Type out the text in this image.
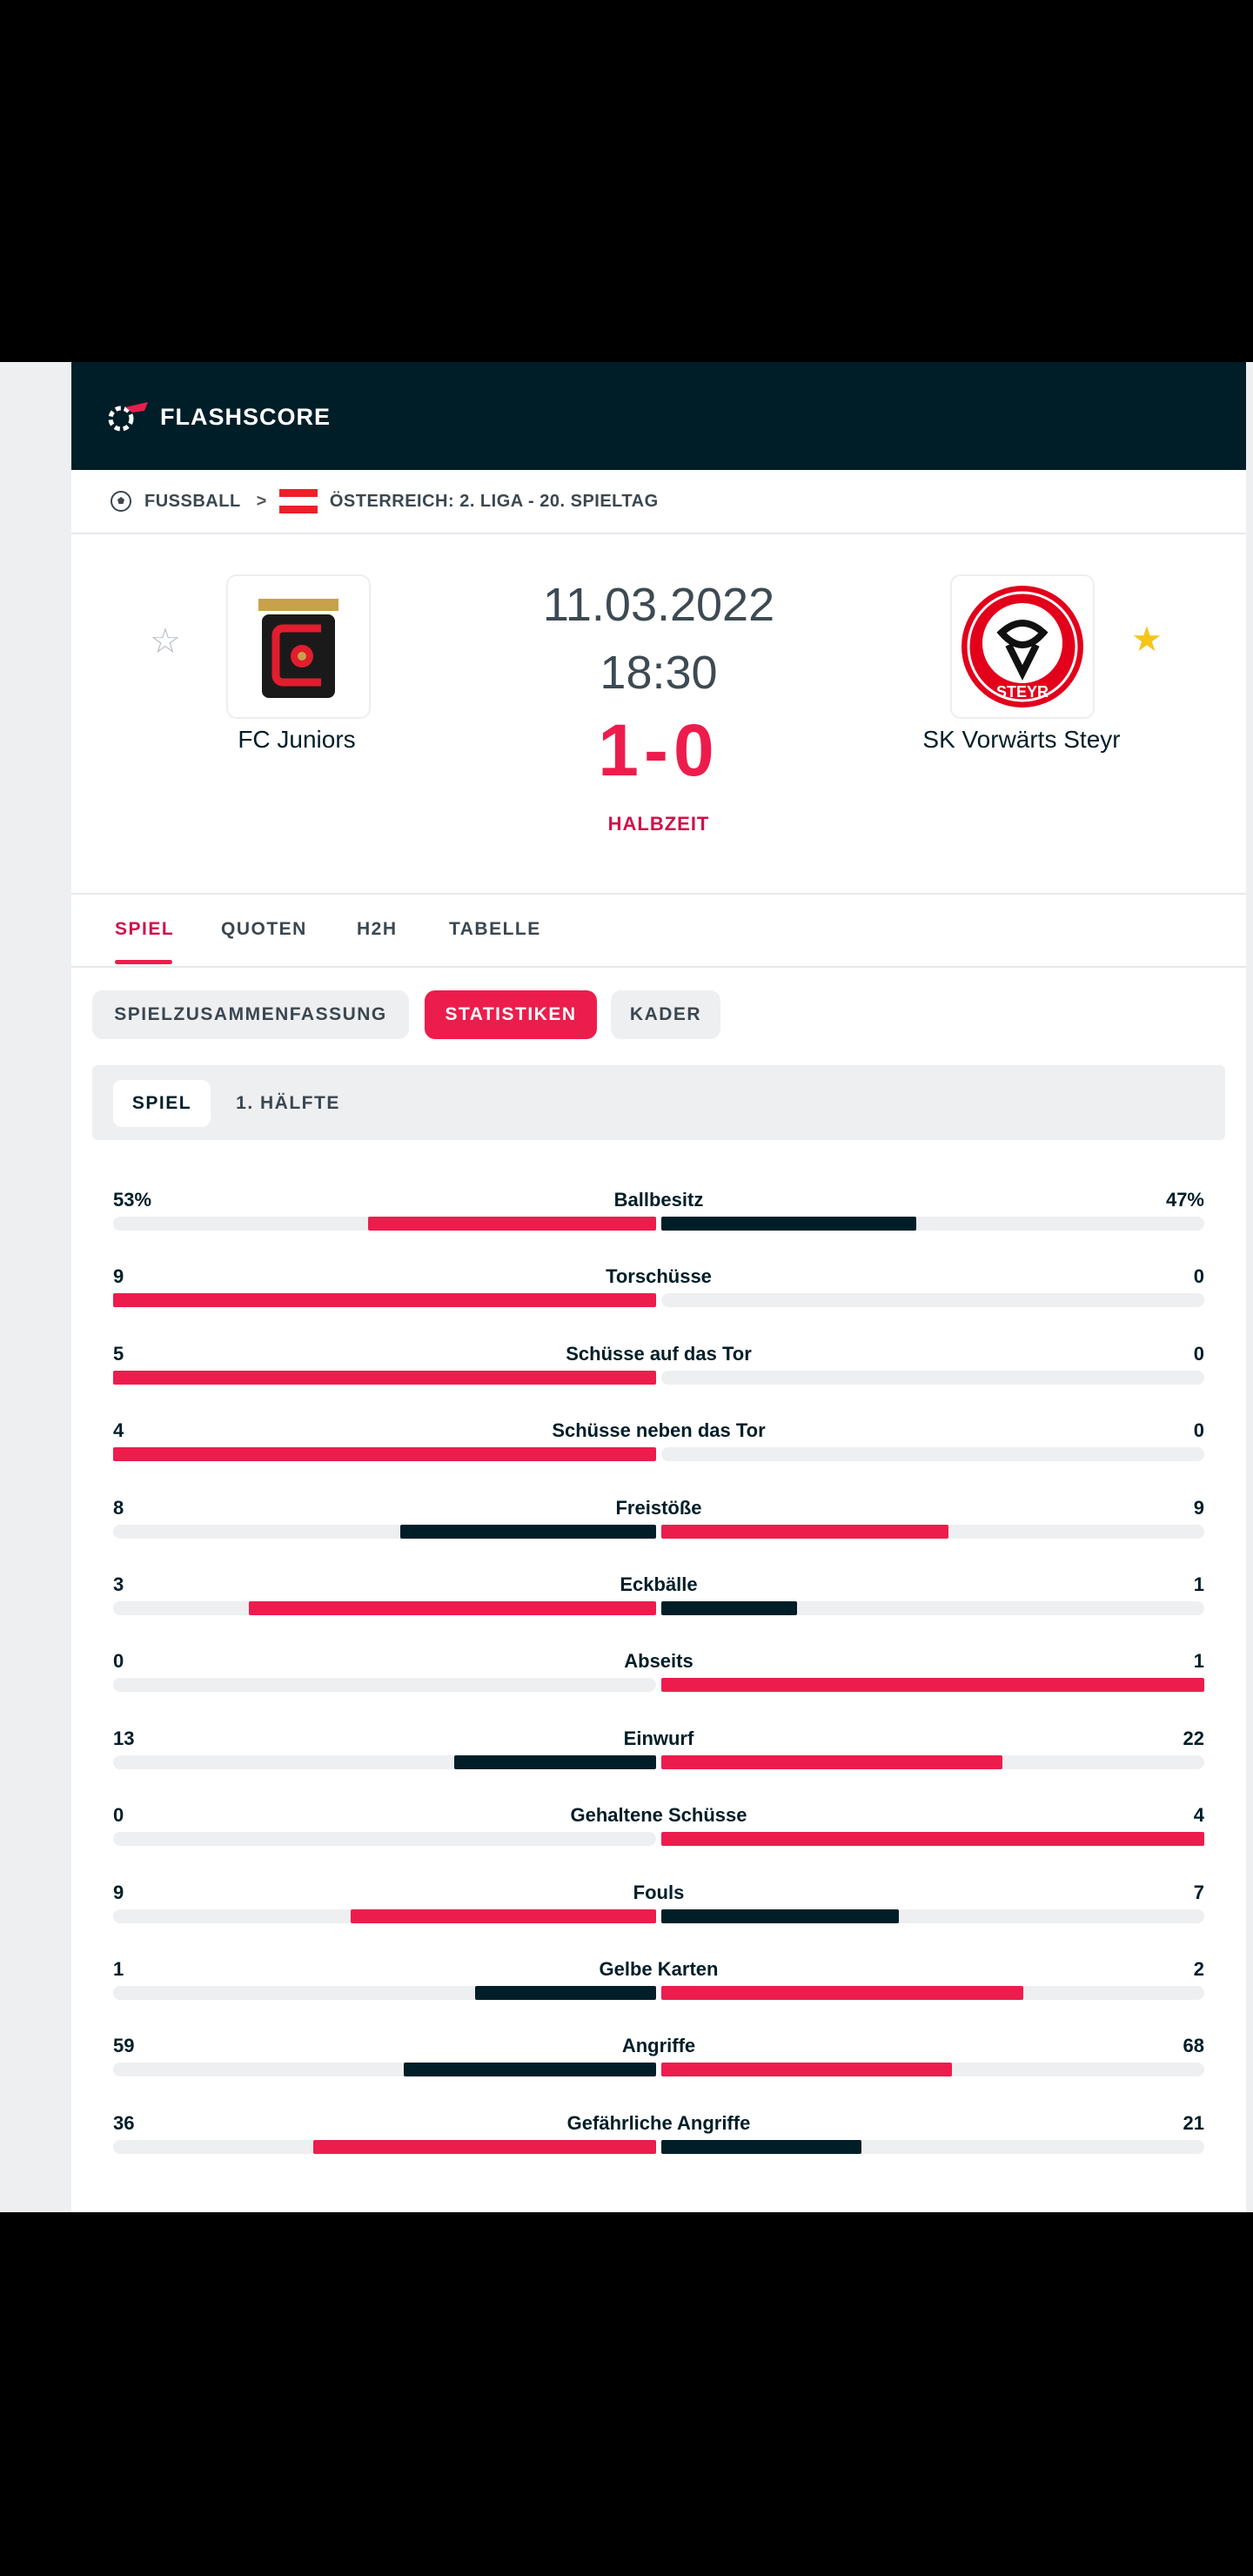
FLASHSCORE
FUSSBALL >	ÖSTERREICH: 2. LIGA - 20. SPIELTAG
☆
FC Juniors
11.03.2022
18:30
1-0
HALBZEIT
STEYR
SK Vorwärts Steyr
★
SPIEL	QUOTEN	H2H	TABELLE
SPIELZUSAMMENFASSUNG	STATISTIKEN	KADER
SPIEL	1. HÄLFTE
53%	Ballbesitz	47%
9	Torschüsse	0
5	Schüsse auf das Tor	0
4	Schüsse neben das Tor	0
8	Freistöße	9
3	Eckbälle	1
0	Abseits	1
13	Einwurf	22
0	Gehaltene Schüsse	4
9	Fouls	7
1	Gelbe Karten	2
59	Angriffe	68
36	Gefährliche Angriffe	21
